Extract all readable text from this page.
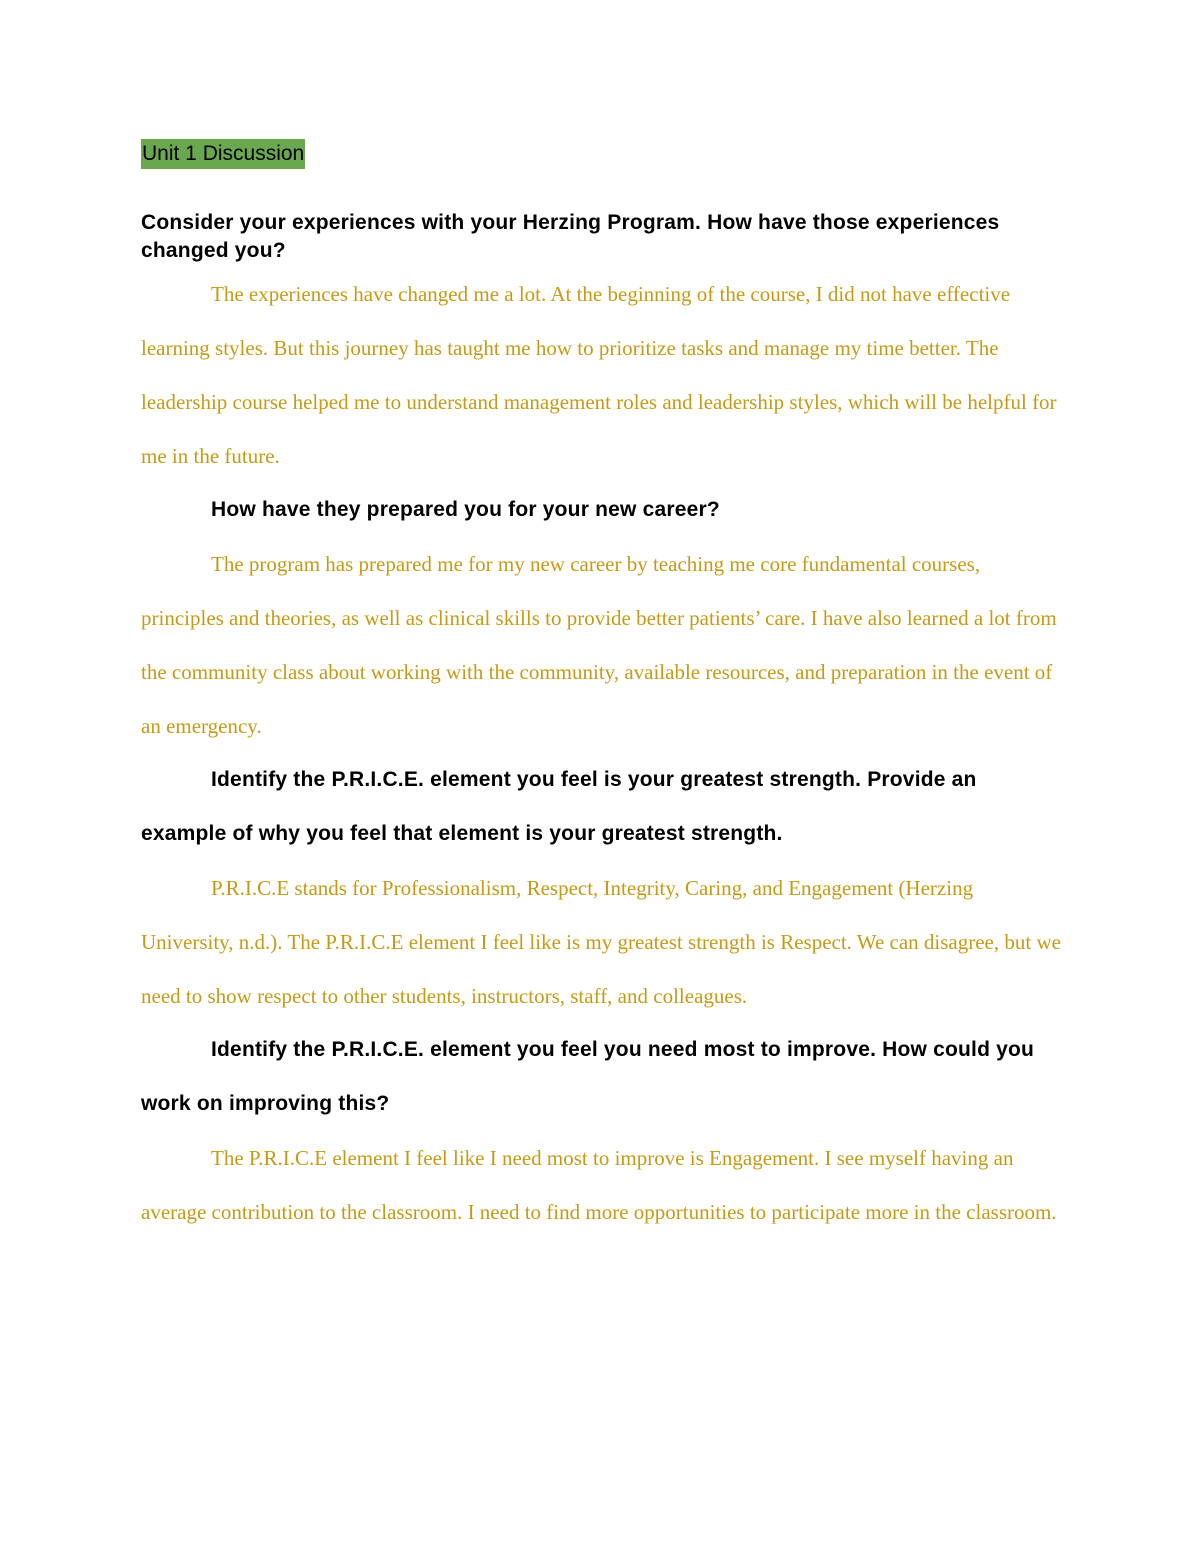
Unit 1 Discussion

Consider your experiences with your Herzing Program. How have those experiences changed you?

The experiences have changed me a lot. At the beginning of the course, I did not have effective learning styles. But this journey has taught me how to prioritize tasks and manage my time better. The leadership course helped me to understand management roles and leadership styles, which will be helpful for me in the future.

How have they prepared you for your new career?

The program has prepared me for my new career by teaching me core fundamental courses, principles and theories, as well as clinical skills to provide better patients’ care. I have also learned a lot from the community class about working with the community, available resources, and preparation in the event of an emergency.

Identify the P.R.I.C.E. element you feel is your greatest strength. Provide an example of why you feel that element is your greatest strength.

P.R.I.C.E stands for Professionalism, Respect, Integrity, Caring, and Engagement (Herzing University, n.d.). The P.R.I.C.E element I feel like is my greatest strength is Respect. We can disagree, but we need to show respect to other students, instructors, staff, and colleagues.

Identify the P.R.I.C.E. element you feel you need most to improve. How could you work on improving this?

The P.R.I.C.E element I feel like I need most to improve is Engagement. I see myself having an average contribution to the classroom. I need to find more opportunities to participate more in the classroom.
